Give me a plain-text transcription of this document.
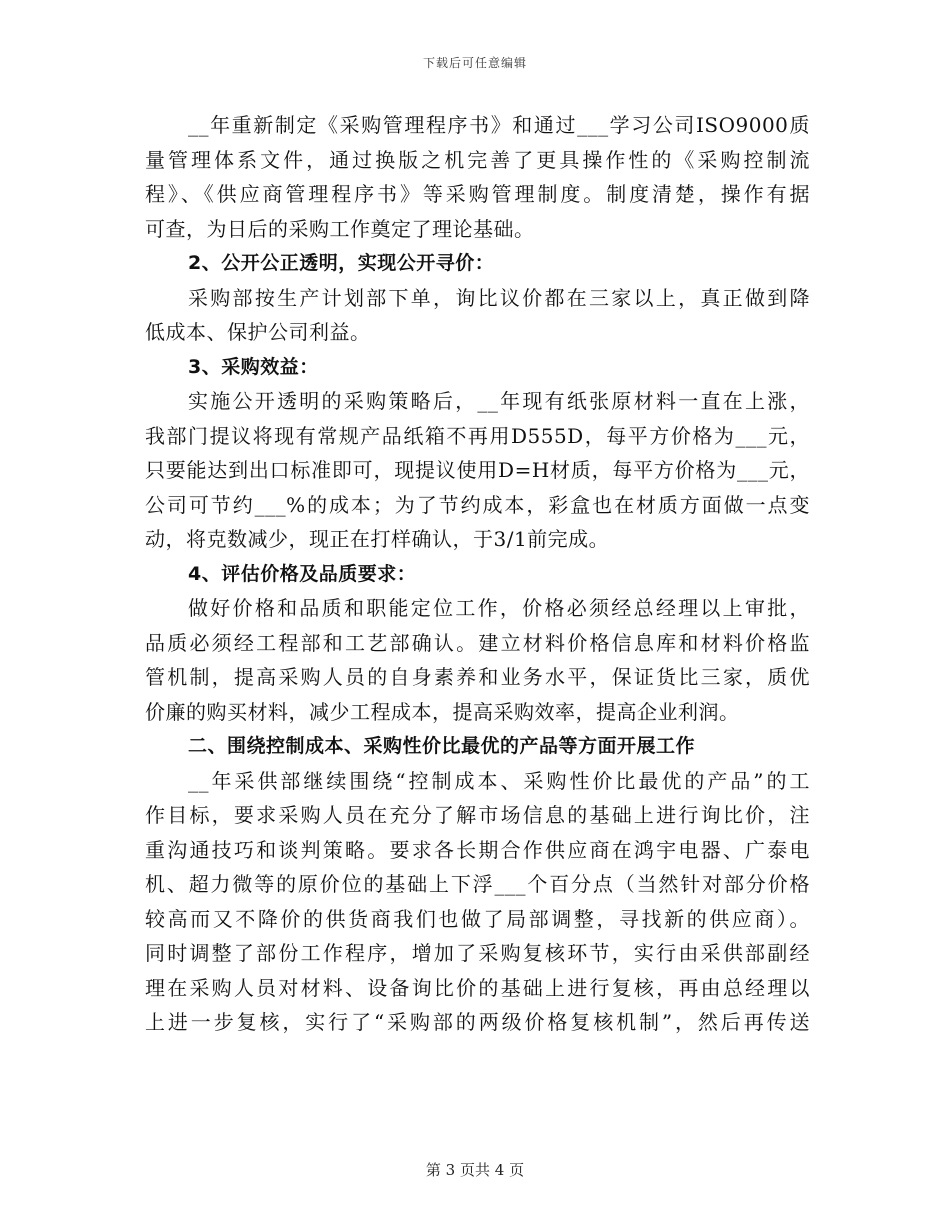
下载后可任意编辑
__年重新制定《采购管理程序书》和通过___学习公司ISO9000质
量管理体系文件，通过换版之机完善了更具操作性的《采购控制流
程》、《供应商管理程序书》等采购管理制度。制度清楚，操作有据
可查，为日后的采购工作奠定了理论基础。
2、公开公正透明，实现公开寻价：
采购部按生产计划部下单，询比议价都在三家以上，真正做到降
低成本、保护公司利益。
3、采购效益：
实施公开透明的采购策略后，__年现有纸张原材料一直在上涨，
我部门提议将现有常规产品纸箱不再用D555D，每平方价格为___元，
只要能达到出口标准即可，现提议使用D=H材质，每平方价格为___元，
公司可节约___%的成本；为了节约成本，彩盒也在材质方面做一点变
动，将克数减少，现正在打样确认，于3/1前完成。
4、评估价格及品质要求：
做好价格和品质和职能定位工作，价格必须经总经理以上审批，
品质必须经工程部和工艺部确认。建立材料价格信息库和材料价格监
管机制，提高采购人员的自身素养和业务水平，保证货比三家，质优
价廉的购买材料，减少工程成本，提高采购效率，提高企业利润。
二、围绕控制成本、采购性价比最优的产品等方面开展工作
__年采供部继续围绕“控制成本、采购性价比最优的产品”的工
作目标，要求采购人员在充分了解市场信息的基础上进行询比价，注
重沟通技巧和谈判策略。要求各长期合作供应商在鸿宇电器、广泰电
机、超力微等的原价位的基础上下浮___个百分点（当然针对部分价格
较高而又不降价的供货商我们也做了局部调整，寻找新的供应商）。
同时调整了部份工作程序，增加了采购复核环节，实行由采供部副经
理在采购人员对材料、设备询比价的基础上进行复核，再由总经理以
上进一步复核，实行了“采购部的两级价格复核机制”，然后再传送
第 3 页共 4 页
